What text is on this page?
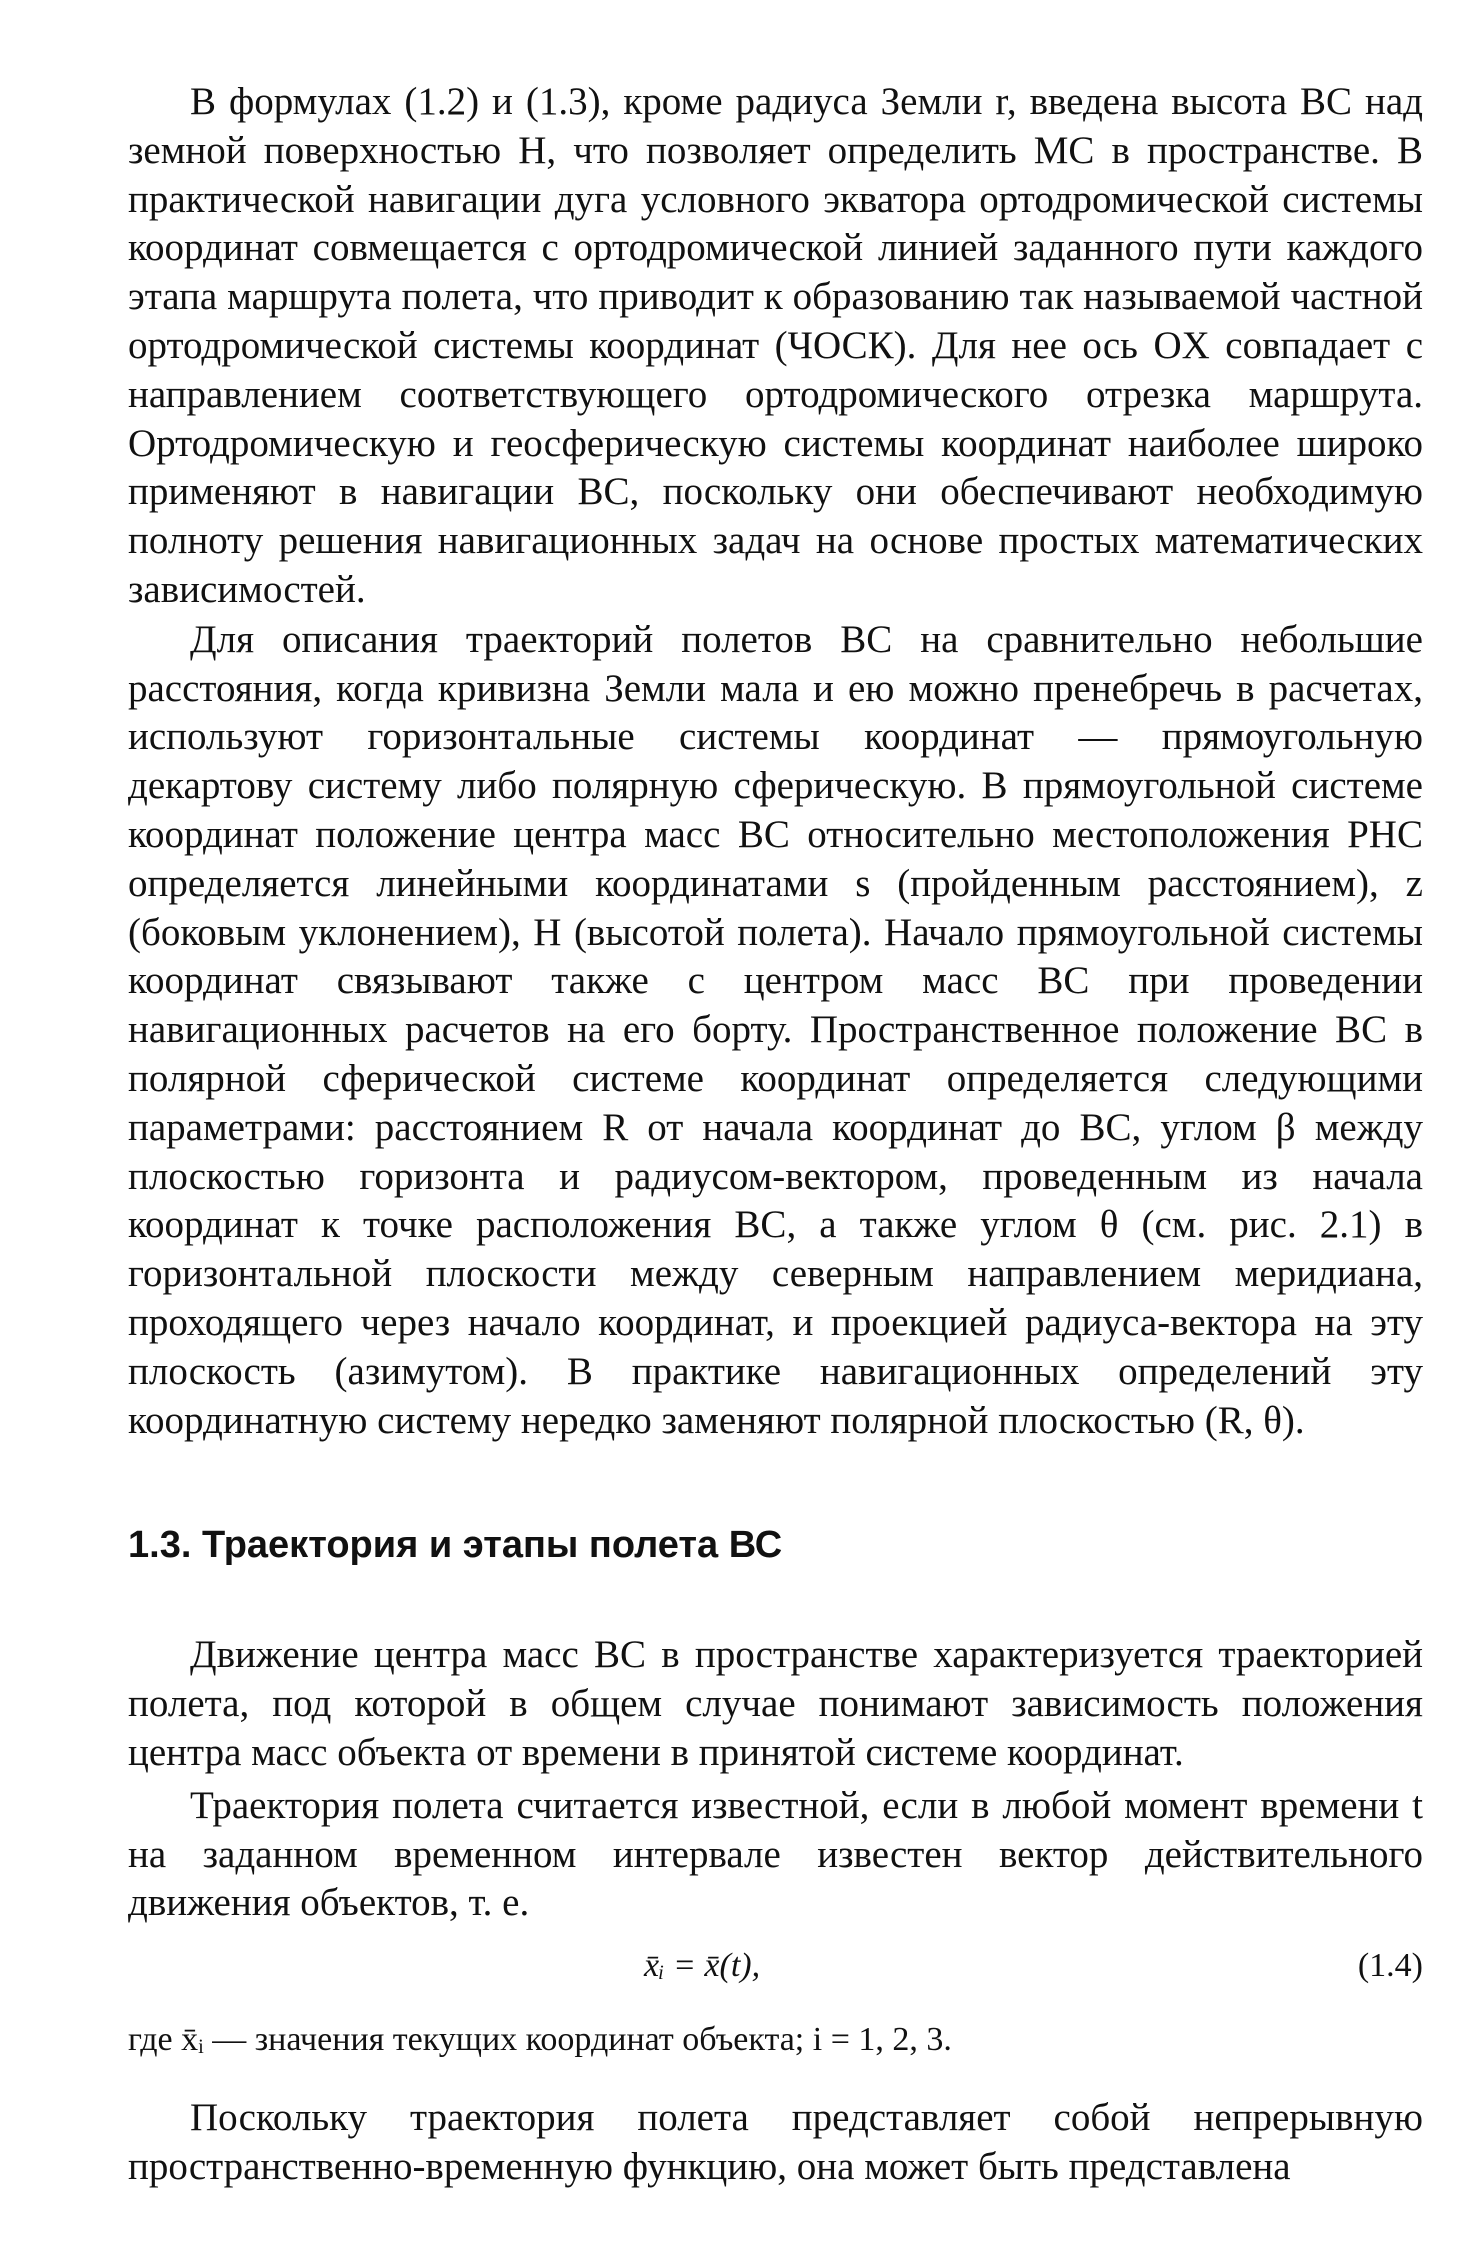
В формулах (1.2) и (1.3), кроме радиуса Земли r, введена высота ВС над земной поверхностью H, что позволяет определить МС в пространстве. В практической навигации дуга условного экватора ортодромической системы координат совмещается с ортодромической линией заданного пути каждого этапа маршрута полета, что приводит к образованию так называемой частной ортодромической системы координат (ЧОСК). Для нее ось OX совпадает с направлением соответствующего ортодромического отрезка маршрута. Ортодромическую и геосферическую системы координат наиболее широко применяют в навигации ВС, поскольку они обеспечивают необходимую полноту решения навигационных задач на основе простых математических зависимостей.

Для описания траекторий полетов ВС на сравнительно небольшие расстояния, когда кривизна Земли мала и ею можно пренебречь в расчетах, используют горизонтальные системы координат — прямоугольную декартову систему либо полярную сферическую. В прямоугольной системе координат положение центра масс ВС относительно местоположения РНС определяется линейными координатами s (пройденным расстоянием), z (боковым уклонением), H (высотой полета). Начало прямоугольной системы координат связывают также с центром масс ВС при проведении навигационных расчетов на его борту. Пространственное положение ВС в полярной сферической системе координат определяется следующими параметрами: расстоянием R от начала координат до ВС, углом β между плоскостью горизонта и радиусом-вектором, проведенным из начала координат к точке расположения ВС, а также углом θ (см. рис. 2.1) в горизонтальной плоскости между северным направлением меридиана, проходящего через начало координат, и проекцией радиуса-вектора на эту плоскость (азимутом). В практике навигационных определений эту координатную систему нередко заменяют полярной плоскостью (R, θ).

1.3. Траектория и этапы полета ВС

Движение центра масс ВС в пространстве характеризуется траекторией полета, под которой в общем случае понимают зависимость положения центра масс объекта от времени в принятой системе координат.

Траектория полета считается известной, если в любой момент времени t на заданном временном интервале известен вектор действительного движения объектов, т. е.

x̄ᵢ = x̄(t),	(1.4)

где x̄ᵢ — значения текущих координат объекта; i = 1, 2, 3.

Поскольку траектория полета представляет собой непрерывную пространственно-временную функцию, она может быть представлена
